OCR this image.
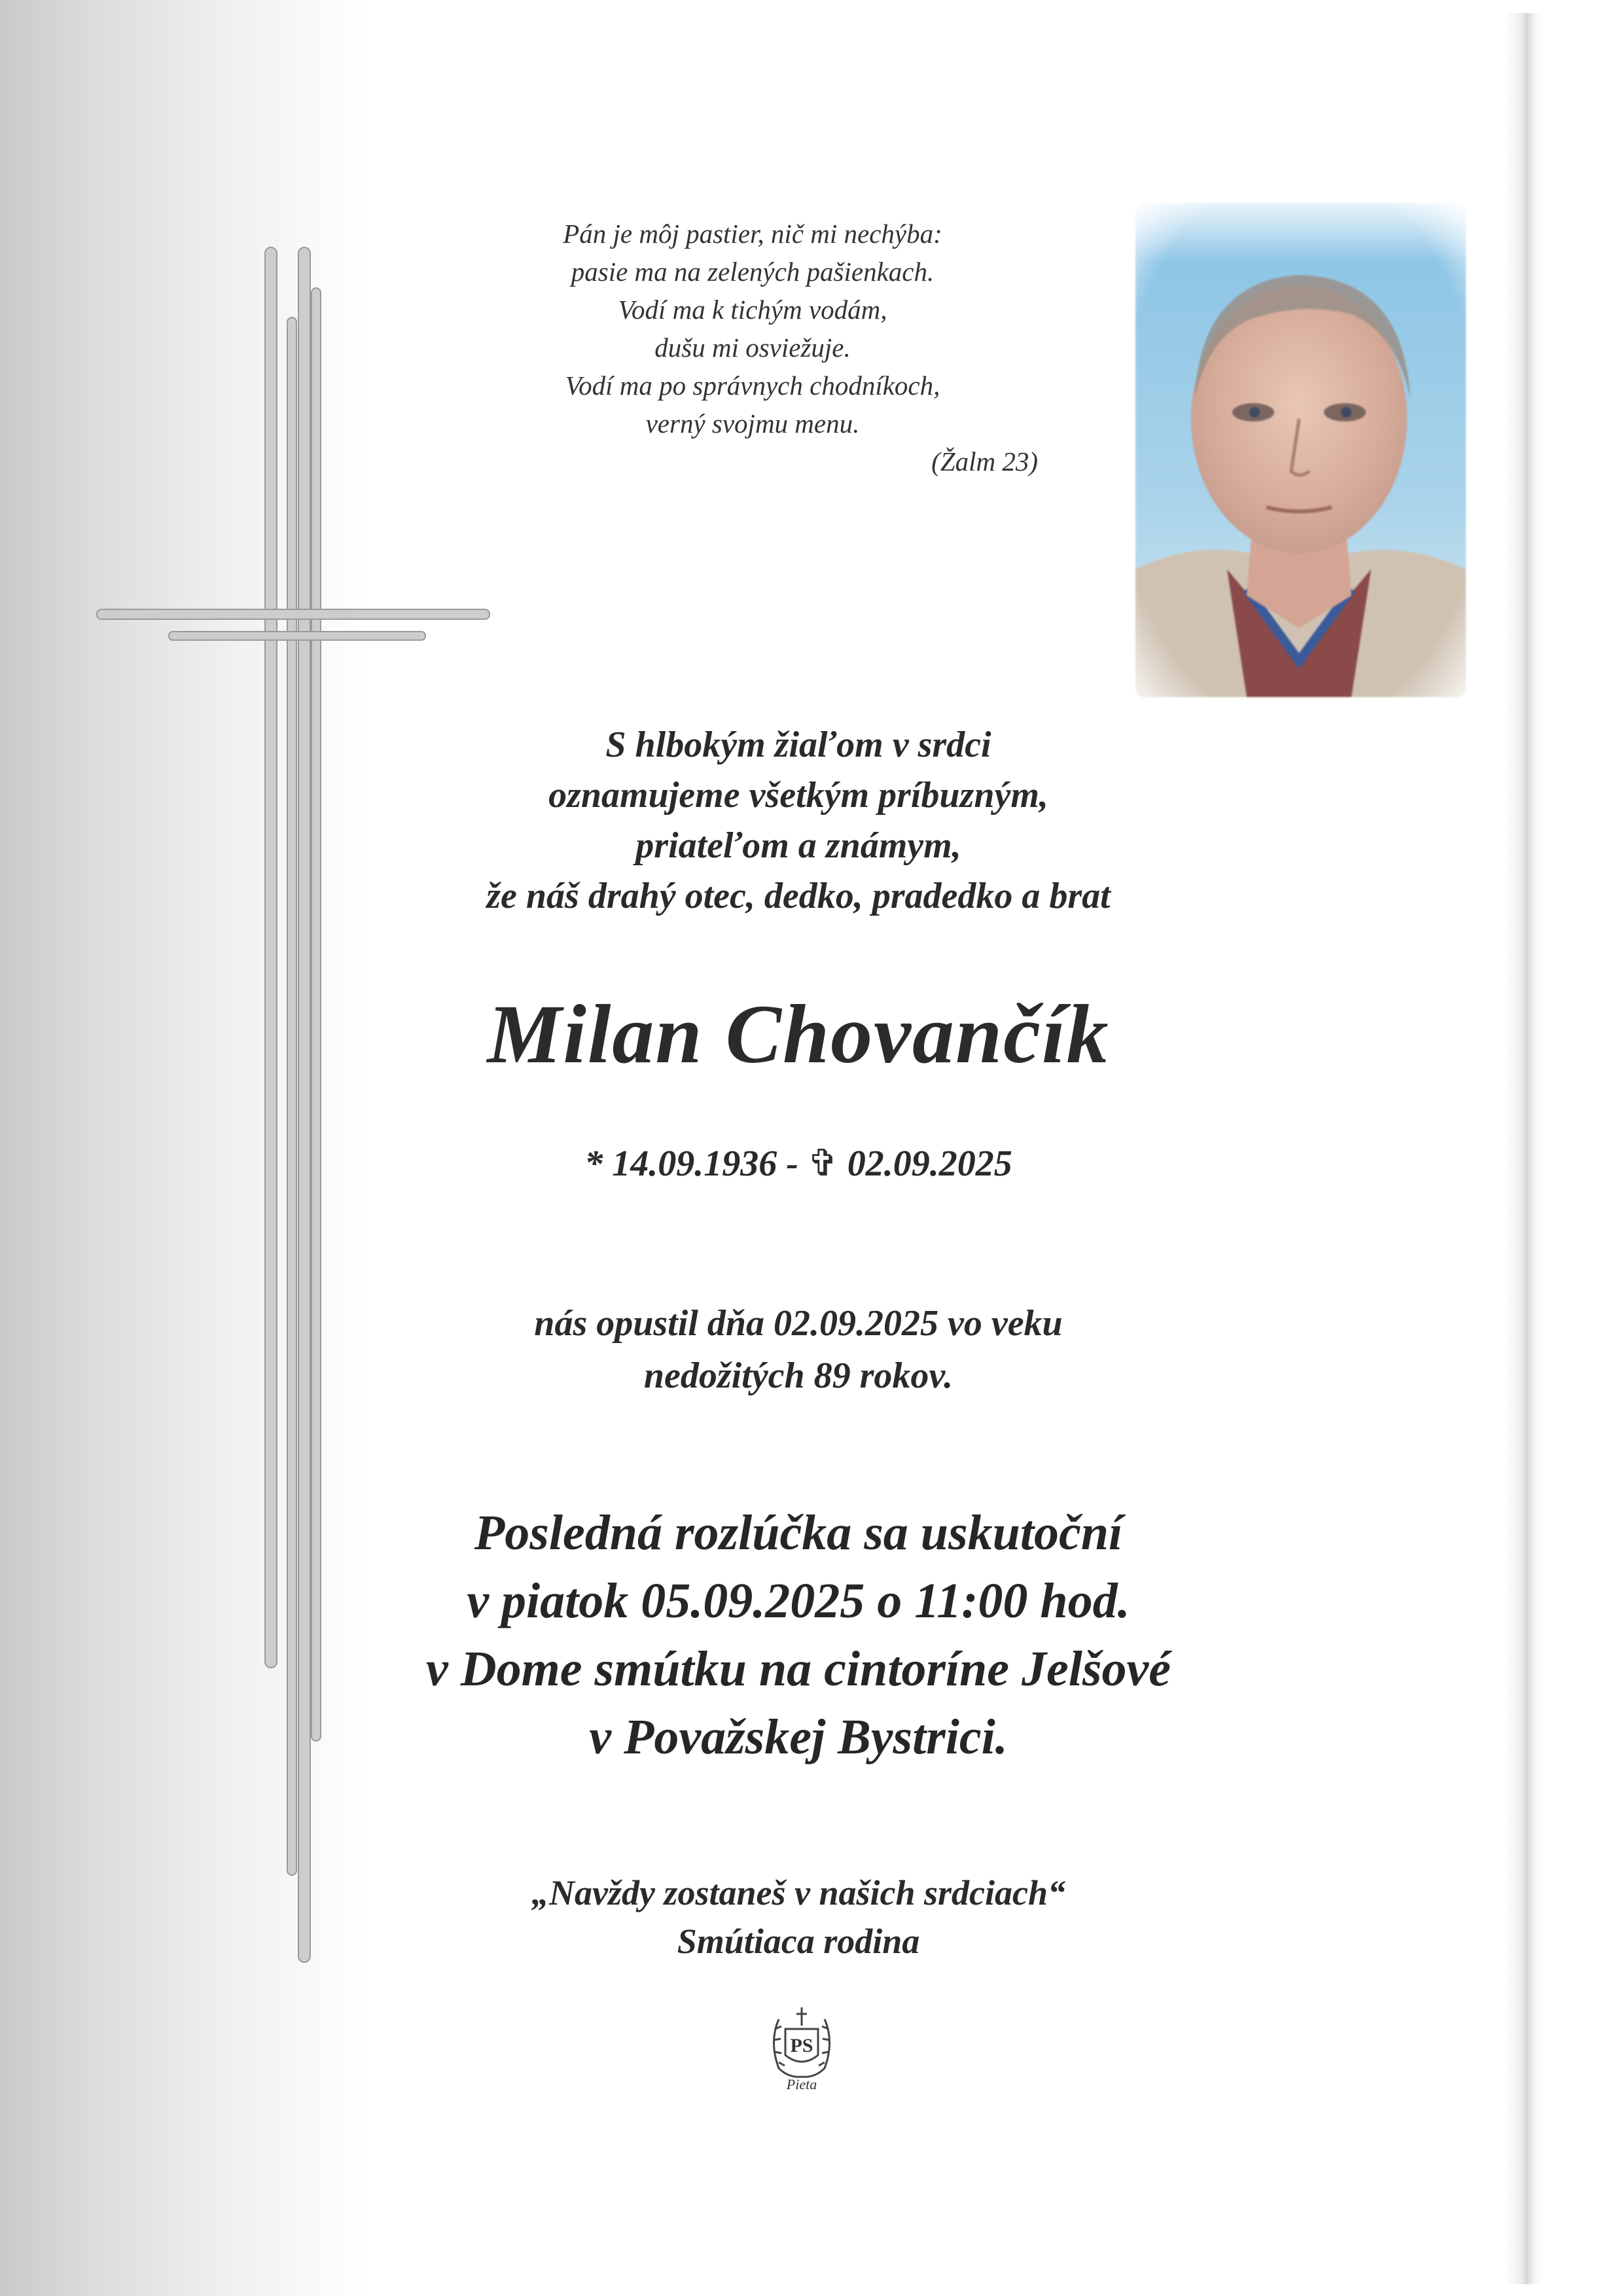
Pán je môj pastier, nič mi nechýba:
pasie ma na zelených pašienkach.
Vodí ma k tichým vodám,
dušu mi osviežuje.
Vodí ma po správnych chodníkoch,
verný svojmu menu.
(Žalm 23)
S hlbokým žiaľom v srdci
oznamujeme všetkým príbuzným,
priateľom a známym,
že náš drahý otec, dedko, pradedko a brat
Milan Chovančík
* 14.09.1936 - ✞ 02.09.2025
nás opustil dňa 02.09.2025 vo veku
nedožitých 89 rokov.
Posledná rozlúčka sa uskutoční
v piatok 05.09.2025 o 11:00 hod.
v Dome smútku na cintoríne Jelšové
v Považskej Bystrici.
„Navždy zostaneš v našich srdciach“
Smútiaca rodina
PS
Pieta
